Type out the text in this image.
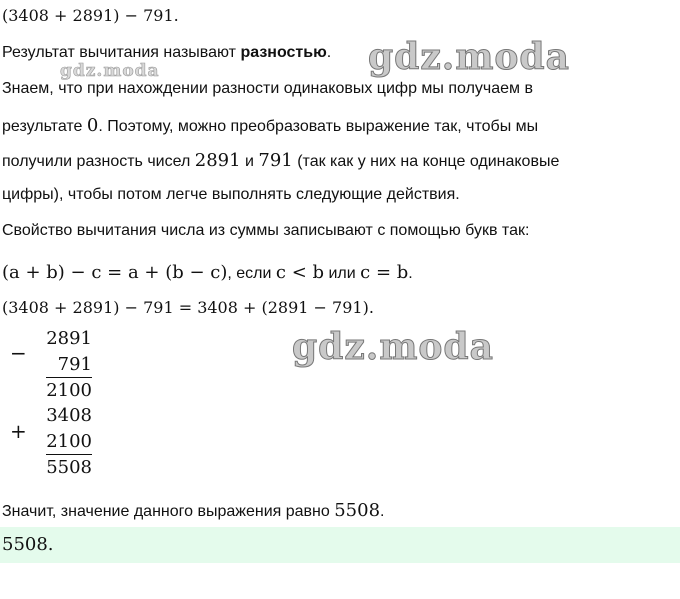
(3408 + 2891) − 791.
Результат вычитания называют разностью. gdz.moda
gdz.moda
Знаем, что при нахождении разности одинаковых цифр мы получаем в
результате 0. Поэтому, можно преобразовать выражение так, чтобы мы
получили разность чисел 2891 и 791 (так как у них на конце одинаковые
цифры), чтобы потом легче выполнять следующие действия.
Свойство вычитания числа из суммы записывают с помощью букв так:
(a + b) − c = a + (b − c), если c < b или c = b.
(3408 + 2891) − 791 = 3408 + (2891 − 791).
gdz.moda
−
2891
791
2100
+
3408
2100
5508
Значит, значение данного выражения равно 5508.
5508.
